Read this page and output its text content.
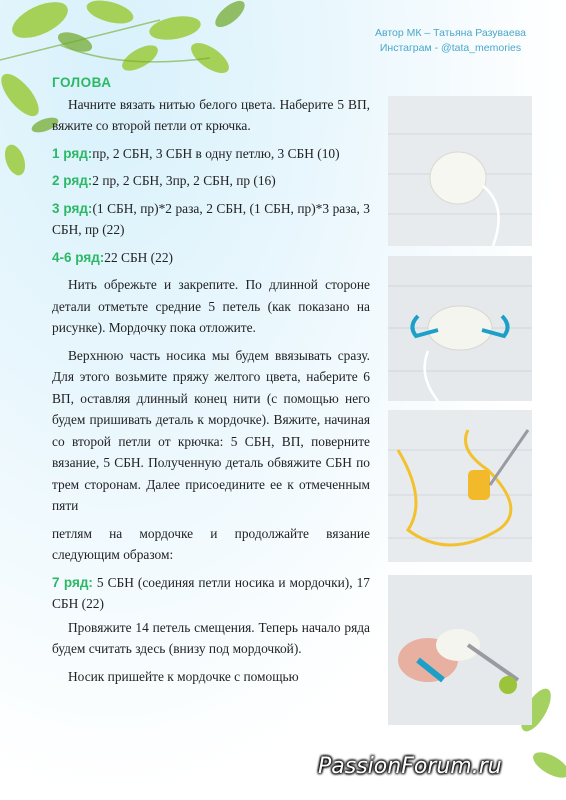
Автор МК – Татьяна Разуваева
Инстаграм - @tata_memories
ГОЛОВА

Начните вязать нитью белого цвета. Наберите 5 ВП, вяжите со второй петли от крючка.

1 ряд:пр, 2 СБН, 3 СБН в одну петлю, 3 СБН (10)

2 ряд:2 пр, 2 СБН, 3пр, 2 СБН, пр (16)

3 ряд:(1 СБН, пр)*2 раза, 2 СБН, (1 СБН, пр)*3 раза, 3 СБН, пр (22)

4-6 ряд:22 СБН (22)

Нить обрежьте и закрепите. По длинной стороне детали отметьте средние 5 петель (как показано на рисунке). Мордочку пока отложите.

Верхнюю часть носика мы будем ввязывать сразу. Для этого возьмите пряжу желтого цвета, наберите 6 ВП, оставляя длинный конец нити (с помощью него будем пришивать деталь к мордочке). Вяжите, начиная со второй петли от крючка: 5 СБН, ВП, поверните вязание, 5 СБН. Полученную деталь обвяжите СБН по трем сторонам. Далее присоедините ее к отмеченным пяти

петлям на мордочке и продолжайте вязание следующим образом:

7 ряд: 5 СБН (соединяя петли носика и мордочки), 17 СБН (22)

Провяжите 14 петель смещения. Теперь начало ряда будем считать здесь (внизу под мордочкой).

Носик пришейте к мордочке с помощью

PassionForum.ru
